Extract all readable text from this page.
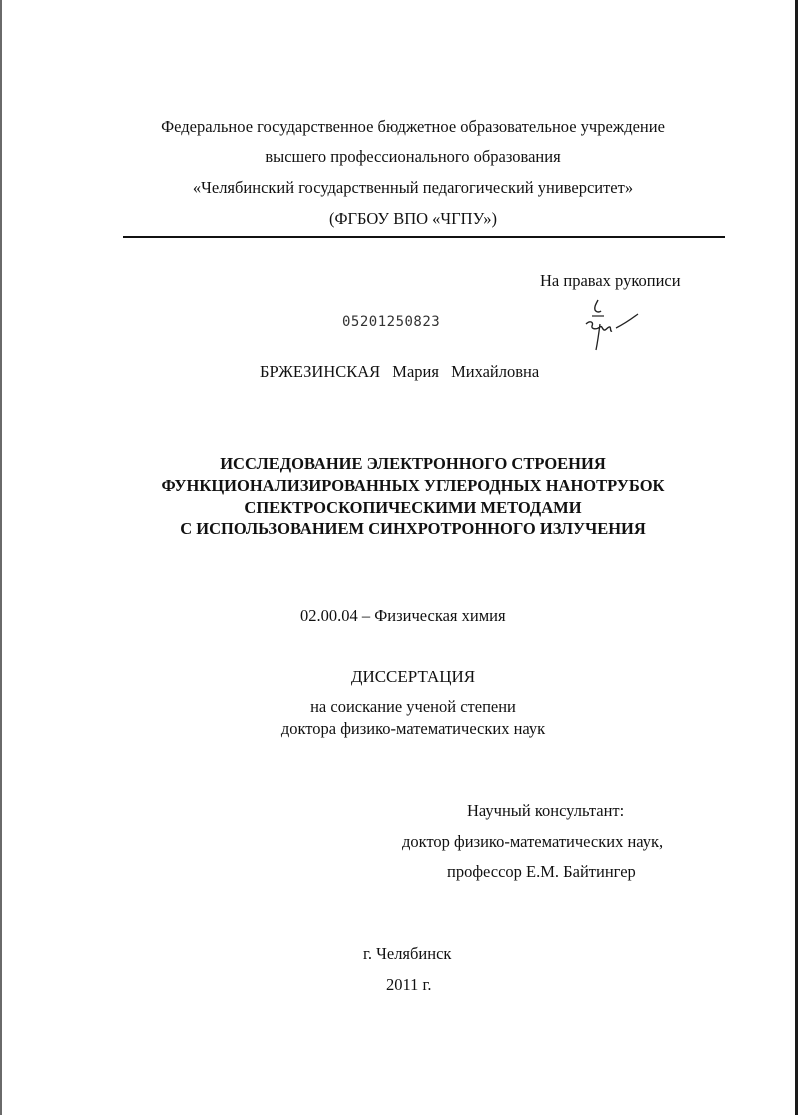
Федеральное государственное бюджетное образовательное учреждение
высшего профессионального образования
«Челябинский государственный педагогический университет»
(ФГБОУ ВПО «ЧГПУ»)
На правах рукописи
05201250823
БРЖЕЗИНСКАЯ Мария Михайловна
ИССЛЕДОВАНИЕ ЭЛЕКТРОННОГО СТРОЕНИЯ
ФУНКЦИОНАЛИЗИРОВАННЫХ УГЛЕРОДНЫХ НАНОТРУБОК
СПЕКТРОСКОПИЧЕСКИМИ МЕТОДАМИ
С ИСПОЛЬЗОВАНИЕМ СИНХРОТРОННОГО ИЗЛУЧЕНИЯ
02.00.04 – Физическая химия
ДИССЕРТАЦИЯ
на соискание ученой степени
доктора физико-математических наук
Научный консультант:
доктор физико-математических наук,
профессор Е.М. Байтингер
г. Челябинск
2011 г.
